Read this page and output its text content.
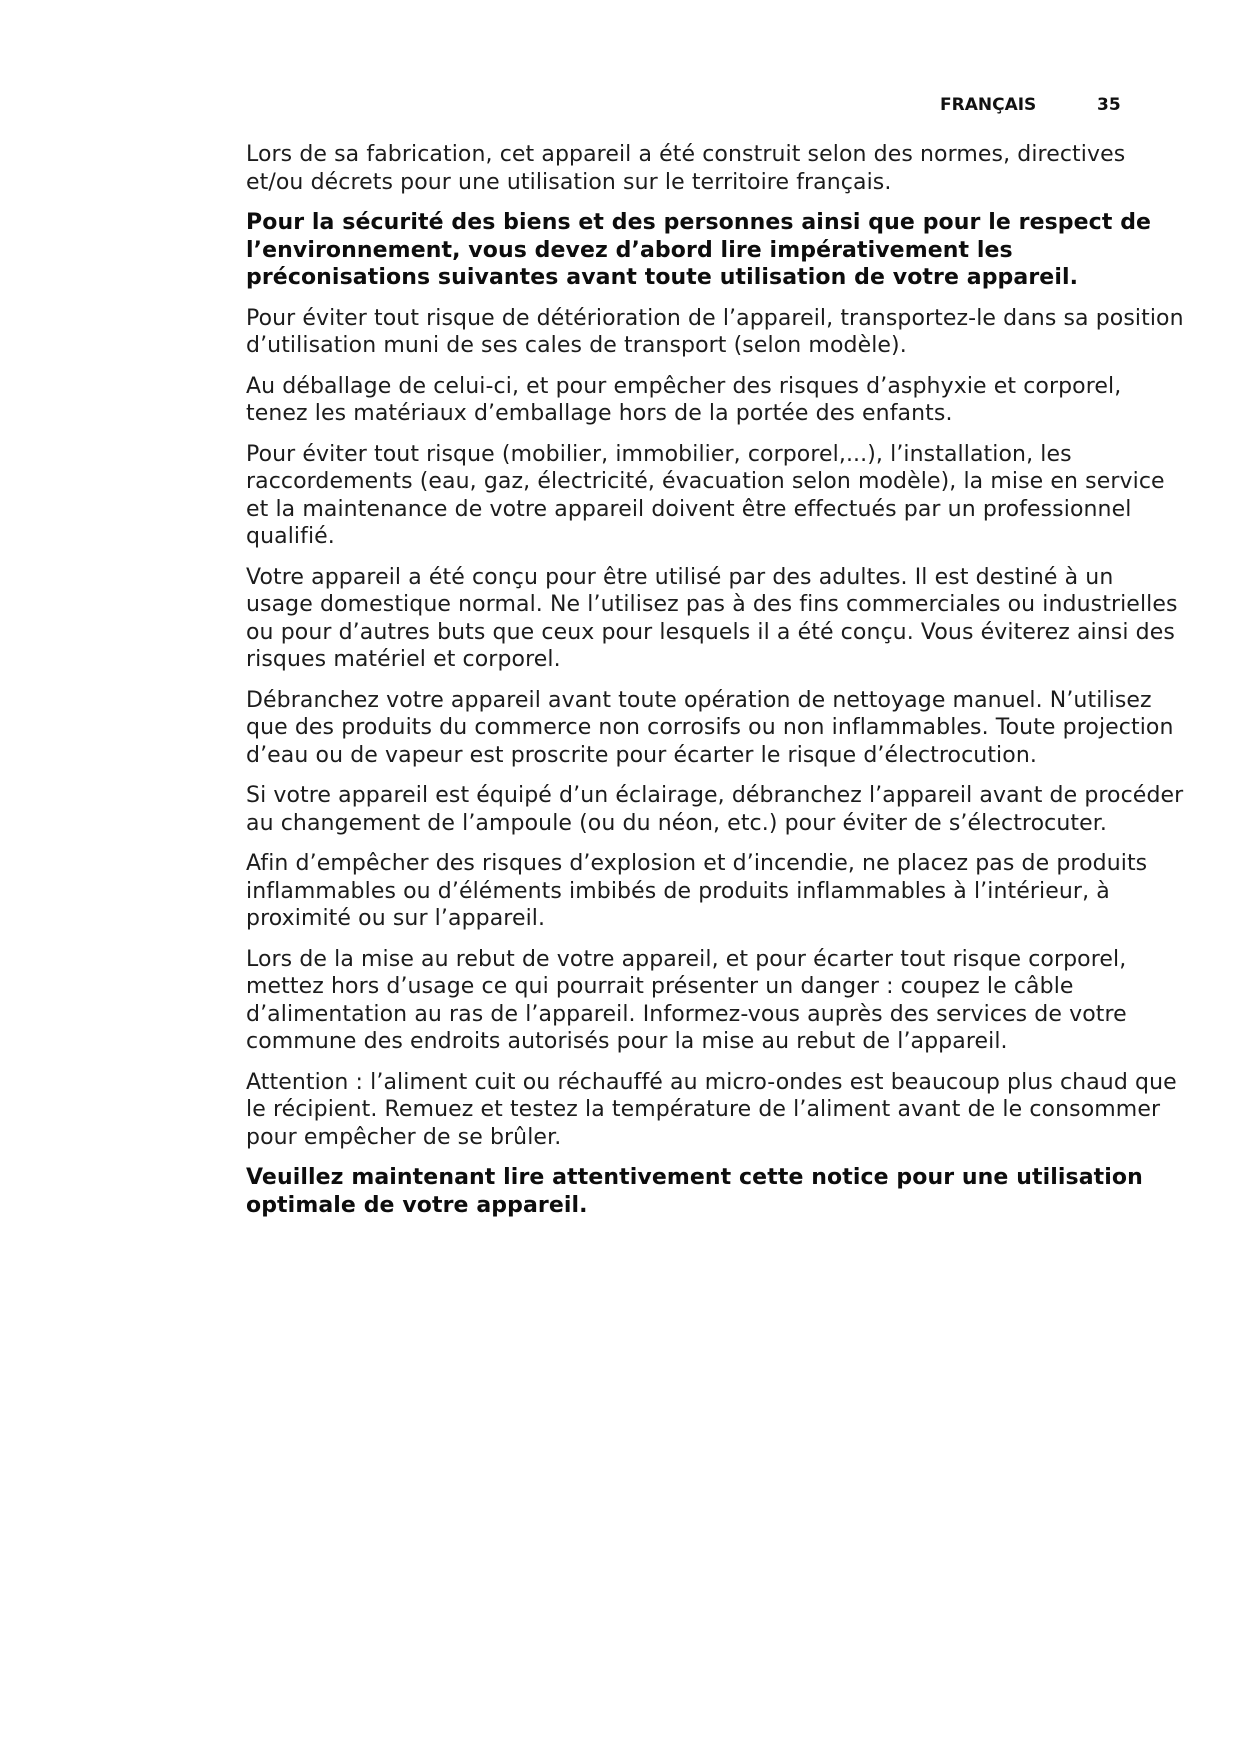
FRANÇAIS	35

Lors de sa fabrication, cet appareil a été construit selon des normes, directives et/ou décrets pour une utilisation sur le territoire français.

Pour la sécurité des biens et des personnes ainsi que pour le respect de l’environnement, vous devez d’abord lire impérativement les préconisations suivantes avant toute utilisation de votre appareil.

Pour éviter tout risque de détérioration de l’appareil, transportez-le dans sa position d’utilisation muni de ses cales de transport (selon modèle).

Au déballage de celui-ci, et pour empêcher des risques d’asphyxie et corporel, tenez les matériaux d’emballage hors de la portée des enfants.

Pour éviter tout risque (mobilier, immobilier, corporel,...), l’installation, les raccordements (eau, gaz, électricité, évacuation selon modèle), la mise en service et la maintenance de votre appareil doivent être effectués par un professionnel qualifié.

Votre appareil a été conçu pour être utilisé par des adultes. Il est destiné à un usage domestique normal. Ne l’utilisez pas à des fins commerciales ou industrielles ou pour d’autres buts que ceux pour lesquels il a été conçu. Vous éviterez ainsi des risques matériel et corporel.

Débranchez votre appareil avant toute opération de nettoyage manuel. N’utilisez que des produits du commerce non corrosifs ou non inflammables. Toute projection d’eau ou de vapeur est proscrite pour écarter le risque d’électrocution.

Si votre appareil est équipé d’un éclairage, débranchez l’appareil avant de procéder au changement de l’ampoule (ou du néon, etc.) pour éviter de s’électrocuter.

Afin d’empêcher des risques d’explosion et d’incendie, ne placez pas de produits inflammables ou d’éléments imbibés de produits inflammables à l’intérieur, à proximité ou sur l’appareil.

Lors de la mise au rebut de votre appareil, et pour écarter tout risque corporel, mettez hors d’usage ce qui pourrait présenter un danger : coupez le câble d’alimentation au ras de l’appareil. Informez-vous auprès des services de votre commune des endroits autorisés pour la mise au rebut de l’appareil.

Attention : l’aliment cuit ou réchauffé au micro-ondes est beaucoup plus chaud que le récipient. Remuez et testez la température de l’aliment avant de le consommer pour empêcher de se brûler.

Veuillez maintenant lire attentivement cette notice pour une utilisation optimale de votre appareil.
